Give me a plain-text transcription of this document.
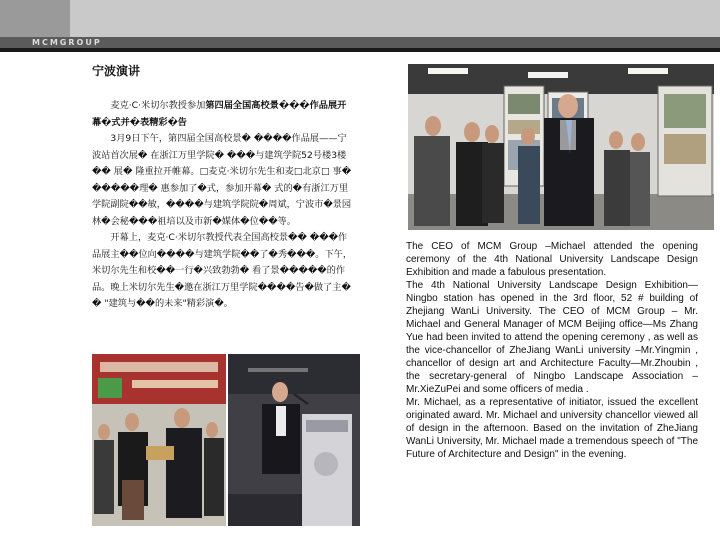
MCMGROUP
宁波演讲

麦克·C·米切尔教授参加第四届全国高校景���作品展开幕�式并�表精彩�告

3月9日下午，第四届全国高校景� ����作品展——宁波站首次展� 在浙江万里学院� ���与建筑学院52号楼3楼�� 展� 隆重拉开帷幕。□麦克·米切尔先生和麦□北京□ 事������理� 惠参加了�式，参加开幕� 式的�有浙江万里学院副院��敏，����与建筑学院院�周斌，宁波市�景园林�会秘���祖培以及市新�媒体�位��等。

开幕上，麦克·C·米切尔教授代表全国高校景�� ���作品展主��位向����与建筑学院��了�秀���。下午，米切尔先生和校��一行�兴致勃勃� 看了景�����的作品。晚上米切尔先生�邀在浙江万里学院����告�做了主�� "建筑与��的未来"精彩演�。

The CEO of MCM Group –Michael attended the opening ceremony of the 4th National University Landscape Design Exhibition and made a fabulous presentation.

The 4th National University Landscape Design Exhibition—Ningbo station has opened in the 3rd floor, 52 # building of Zhejiang WanLi University. The CEO of MCM Group – Mr. Michael and General Manager of MCM Beijing office—Ms Zhang Yue had been invited to attend the opening ceremony , as well as the vice-chancellor of ZheJiang WanLi university –Mr.Yingmin , chancellor of design art and Architecture Faculty—Mr.Zhoubin , the secretary-general of Ningbo Landscape Association –Mr.XieZuPei and some officers of media .

Mr. Michael, as a representative of initiator, issued the excellent originated award. Mr. Michael and university chancellor viewed all of design in the afternoon. Based on the invitation of ZheJiang WanLi University, Mr. Michael made a tremendous speech of "The Future of Architecture and Design" in the evening.
